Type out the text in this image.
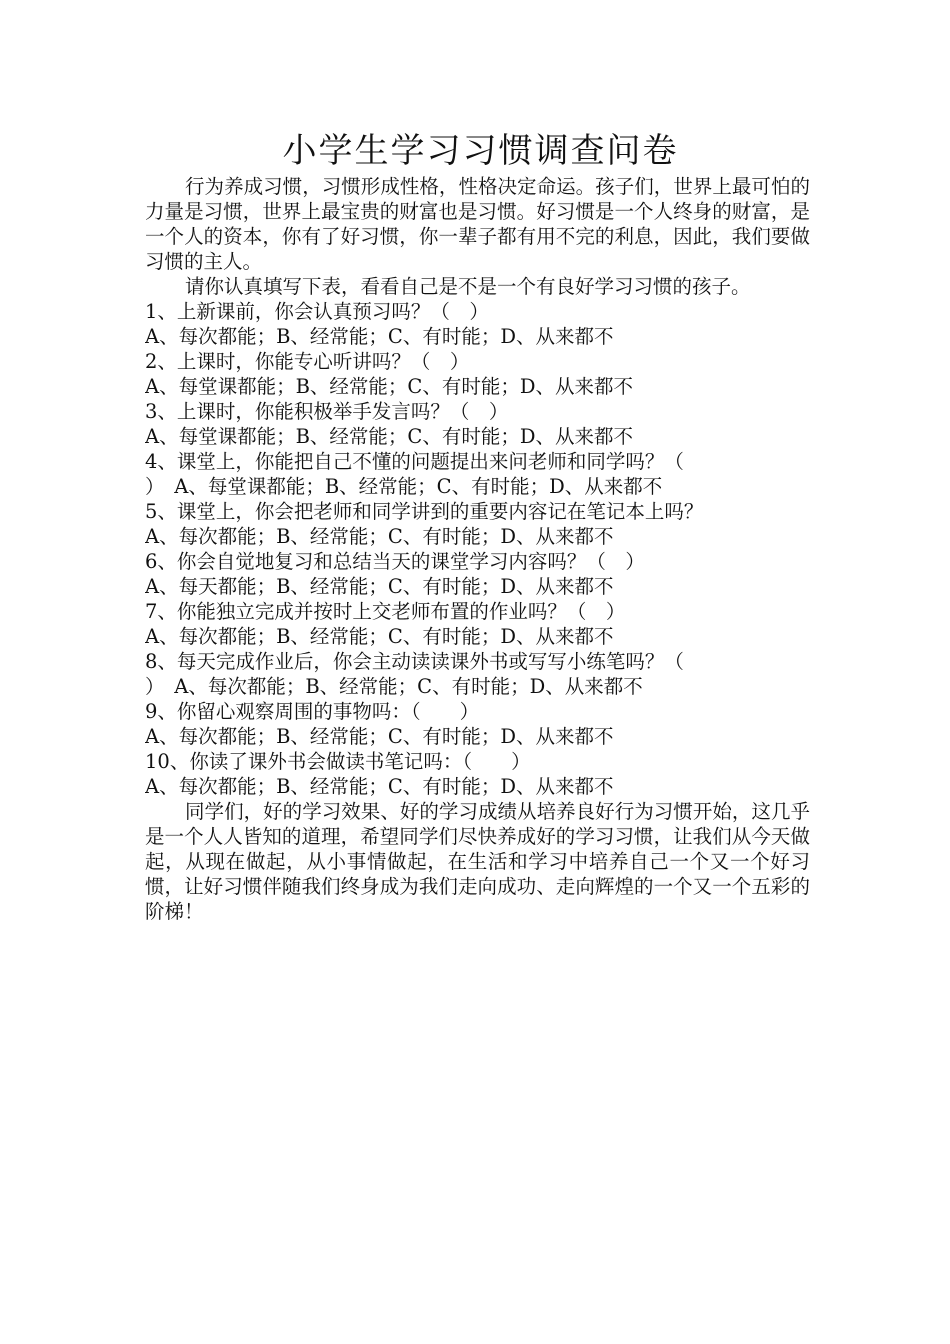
小学生学习习惯调查问卷

行为养成习惯，习惯形成性格，性格决定命运。孩子们，世界上最可怕的力量是习惯，世界上最宝贵的财富也是习惯。好习惯是一个人终身的财富，是一个人的资本，你有了好习惯，你一辈子都有用不完的利息，因此，我们要做习惯的主人。

请你认真填写下表，看看自己是不是一个有良好学习习惯的孩子。

1、上新课前，你会认真预习吗？（　）
A、每次都能；B、经常能；C、有时能；D、从来都不
2、上课时，你能专心听讲吗？（　）
A、每堂课都能；B、经常能；C、有时能；D、从来都不
3、上课时，你能积极举手发言吗？（　）
A、每堂课都能；B、经常能；C、有时能；D、从来都不
4、课堂上，你能把自己不懂的问题提出来问老师和同学吗？（
）　A、每堂课都能；B、经常能；C、有时能；D、从来都不
5、课堂上，你会把老师和同学讲到的重要内容记在笔记本上吗？
A、每次都能；B、经常能；C、有时能；D、从来都不
6、你会自觉地复习和总结当天的课堂学习内容吗？（　）
A、每天都能；B、经常能；C、有时能；D、从来都不
7、你能独立完成并按时上交老师布置的作业吗？（　）
A、每次都能；B、经常能；C、有时能；D、从来都不
8、每天完成作业后，你会主动读读课外书或写写小练笔吗？（
）　A、每次都能；B、经常能；C、有时能；D、从来都不
9、你留心观察周围的事物吗：（　　）
A、每次都能；B、经常能；C、有时能；D、从来都不
10、你读了课外书会做读书笔记吗：（　　）
A、每次都能；B、经常能；C、有时能；D、从来都不

同学们，好的学习效果、好的学习成绩从培养良好行为习惯开始，这几乎是一个人人皆知的道理，希望同学们尽快养成好的学习习惯，让我们从今天做起，从现在做起，从小事情做起，在生活和学习中培养自己一个又一个好习惯，让好习惯伴随我们终身成为我们走向成功、走向辉煌的一个又一个五彩的阶梯！
